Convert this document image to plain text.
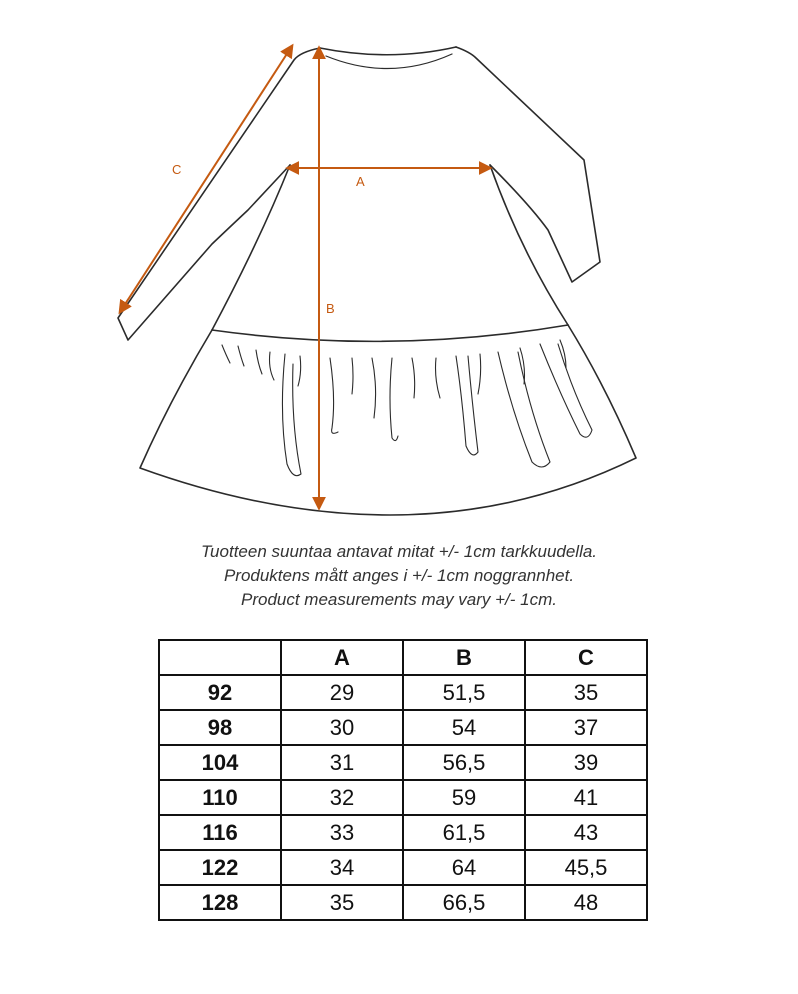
C
A
B
Tuotteen suuntaa antavat mitat +/- 1cm tarkkuudella.
Produktens mått anges i +/- 1cm noggrannhet.
Product measurements may vary +/- 1cm.
	A	B	C
92	29	51,5	35
98	30	54	37
104	31	56,5	39
110	32	59	41
116	33	61,5	43
122	34	64	45,5
128	35	66,5	48
